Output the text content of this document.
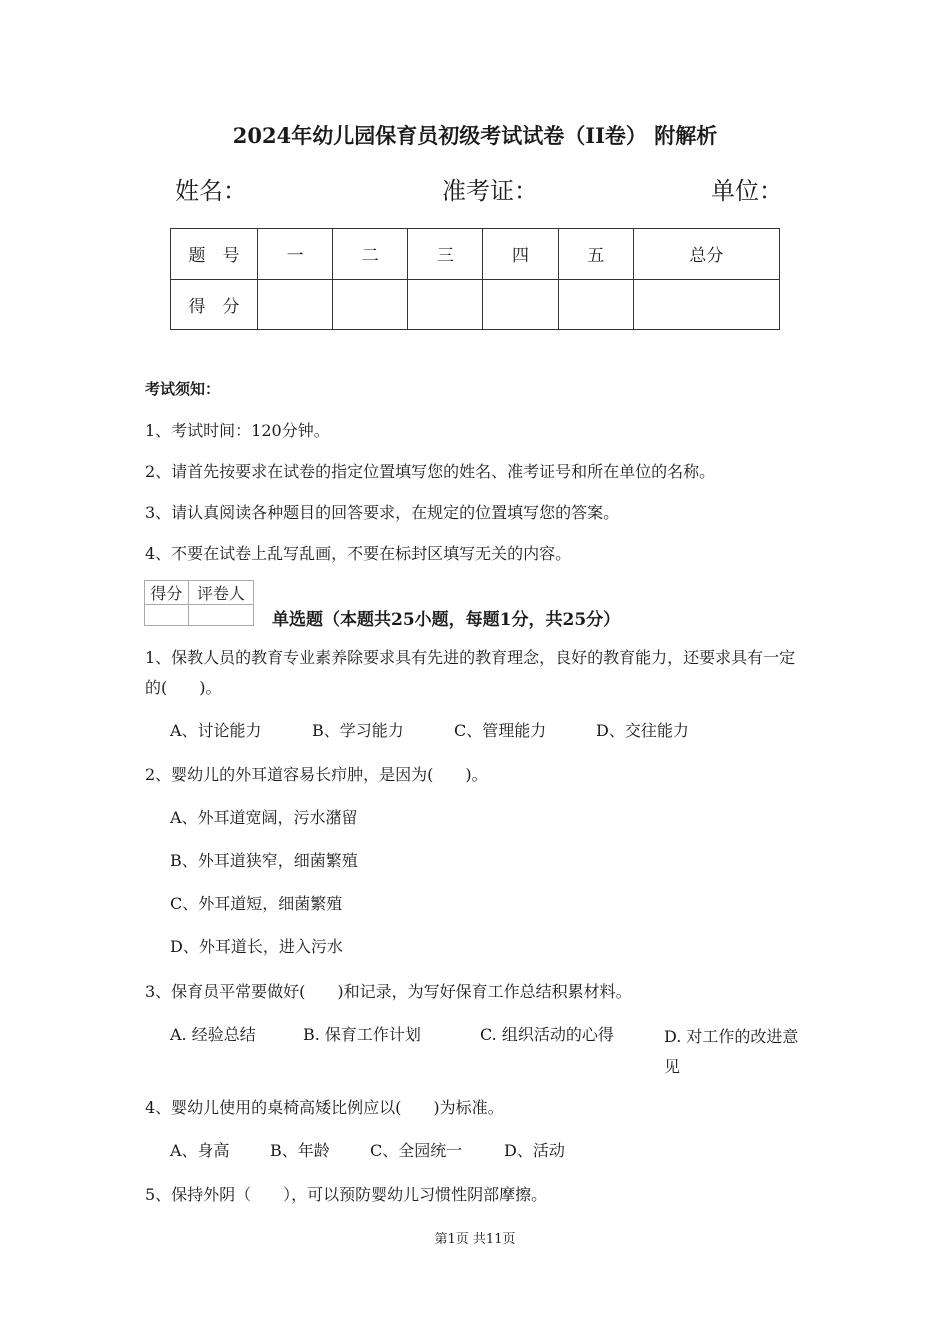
2024年幼儿园保育员初级考试试卷（II卷） 附解析
姓名：	准考证：	单位：
题　号	一	二	三	四	五	总分
得　分						
考试须知：
1、考试时间：120分钟。
2、请首先按要求在试卷的指定位置填写您的姓名、准考证号和所在单位的名称。
3、请认真阅读各种题目的回答要求，在规定的位置填写您的答案。
4、不要在试卷上乱写乱画，不要在标封区填写无关的内容。
得分	评卷人

单选题（本题共25小题，每题1分，共25分）
1、保教人员的教育专业素养除要求具有先进的教育理念，良好的教育能力，还要求具有一定的(　　)。
A、讨论能力	B、学习能力	C、管理能力	D、交往能力
2、婴幼儿的外耳道容易长疖肿，是因为(　　)。
A、外耳道宽阔，污水潴留
B、外耳道狭窄，细菌繁殖
C、外耳道短，细菌繁殖
D、外耳道长，进入污水
3、保育员平常要做好(　　)和记录，为写好保育工作总结积累材料。
A. 经验总结	B. 保育工作计划	C. 组织活动的心得	D. 对工作的改进意见
4、婴幼儿使用的桌椅高矮比例应以(　　)为标准。
A、身高	B、年龄	C、全园统一	D、活动
5、保持外阴（　　），可以预防婴幼儿习惯性阴部摩擦。
第1页 共11页
